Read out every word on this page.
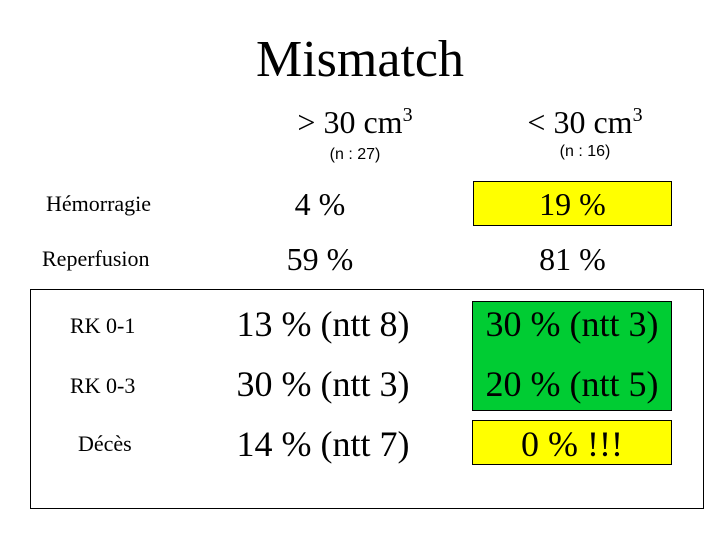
Mismatch
> 30 $cm^3$
(n : 27)
< 30 $cm^3$
(n : 16)
Hémorragie	4 %	19 %
Reperfusion	59 %	81 %
RK 0-1	13 % (ntt 8)	30 % (ntt 3)
RK 0-3	30 % (ntt 3)	20 % (ntt 5)
Décès	14 % (ntt 7)	0 % !!!
